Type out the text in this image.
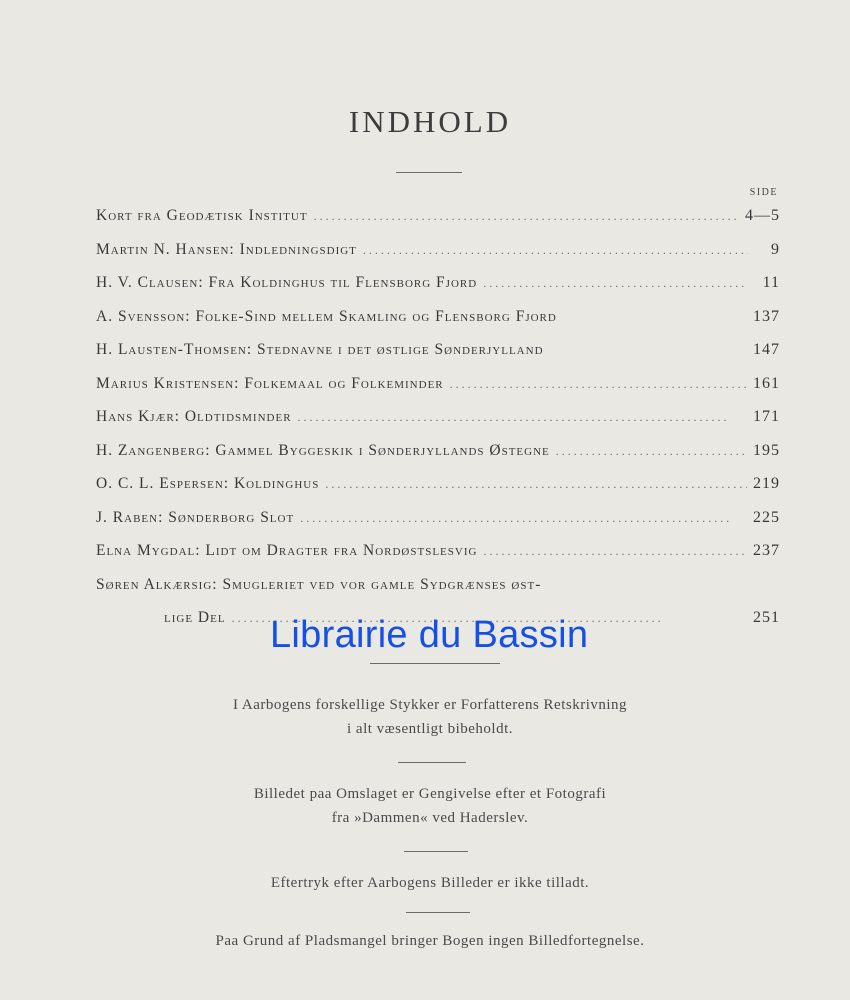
INDHOLD
SIDE
Kort fra Geodætisk Institut . . .	4—5
Martin N. Hansen: Indledningsdigt . . .	9
H. V. Clausen: Fra Koldinghus til Flensborg Fjord . . .	11
A. Svensson: Folke-Sind mellem Skamling og Flensborg Fjord	137
H. Lausten-Thomsen: Stednavne i det østlige Sønderjylland	147
Marius Kristensen: Folkemaal og Folkeminder . . .	161
Hans Kjær: Oldtidsminder . . .	171
H. Zangenberg: Gammel Byggeskik i Sønderjyllands Østegne . . .	195
O. C. L. Espersen: Koldinghus . . .	219
J. Raben: Sønderborg Slot . . .	225
Elna Mygdal: Lidt om Dragter fra Nordøstslesvig . . .	237
Søren Alkærsig: Smugleriet ved vor gamle Sydgrænses øst-
lige Del . . .	251
I Aarbogens forskellige Stykker er Forfatterens Retskrivning
i alt væsentligt bibeholdt.
Billedet paa Omslaget er Gengivelse efter et Fotografi
fra »Dammen« ved Haderslev.
Eftertryk efter Aarbogens Billeder er ikke tilladt.
Paa Grund af Pladsmangel bringer Bogen ingen Billedfortegnelse.
Librairie du Bassin
